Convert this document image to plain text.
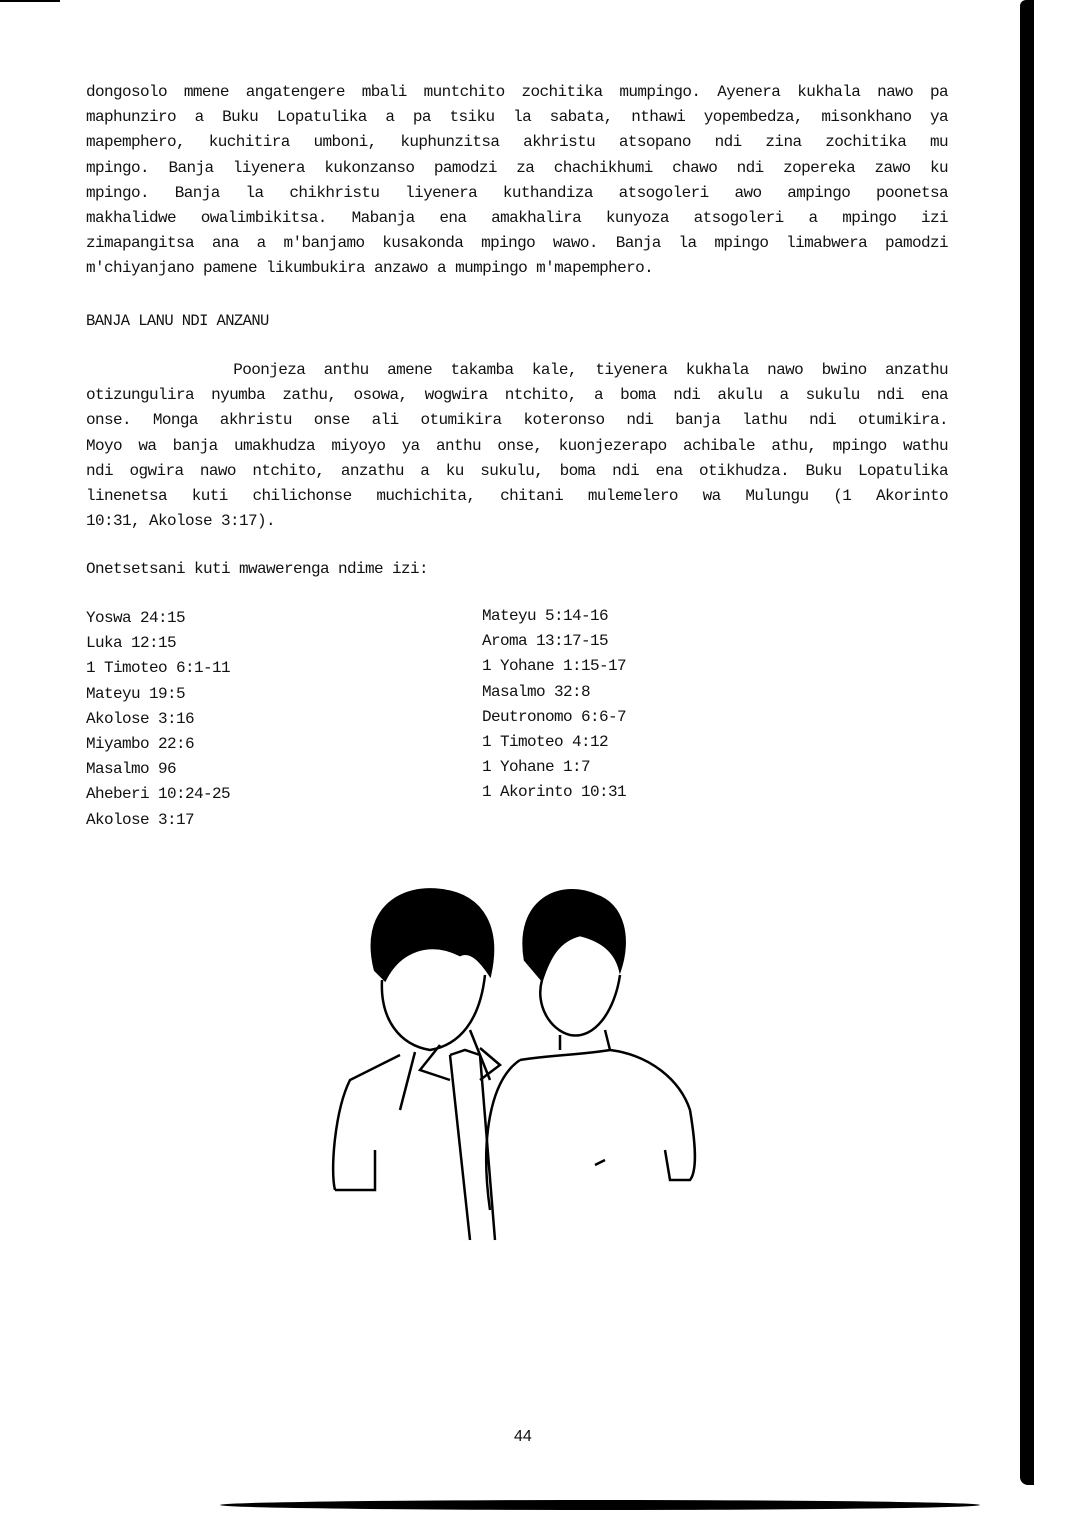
dongosolo mmene angatengere mbali muntchito zochitika mumpingo. Ayenera kukhala nawo pa
maphunziro a Buku Lopatulika a pa tsiku la sabata, nthawi yopembedza, misonkhano ya
mapemphero, kuchitira umboni, kuphunzitsa akhristu atsopano ndi zina zochitika mu
mpingo. Banja liyenera kukonzanso pamodzi za chachikhumi chawo ndi zopereka zawo ku
mpingo. Banja la chikhristu liyenera kuthandiza atsogoleri awo ampingo poonetsa
makhalidwe owalimbikitsa. Mabanja ena amakhalira kunyoza atsogoleri a mpingo izi
zimapangitsa ana a m'banjamo kusakonda mpingo wawo. Banja la mpingo limabwera pamodzi
m'chiyanjano pamene likumbukira anzawo a mumpingo m'mapemphero.
BANJA LANU NDI ANZANU
Poonjeza anthu amene takamba kale, tiyenera kukhala nawo bwino anzathu
otizungulira nyumba zathu, osowa, wogwira ntchito, a boma ndi akulu a sukulu ndi ena
onse. Monga akhristu onse ali otumikira koteronso ndi banja lathu ndi otumikira.
Moyo wa banja umakhudza miyoyo ya anthu onse, kuonjezerapo achibale athu, mpingo wathu
ndi ogwira nawo ntchito, anzathu a ku sukulu, boma ndi ena otikhudza. Buku Lopatulika
linenetsa kuti chilichonse muchichita, chitani mulemelero wa Mulungu (1 Akorinto
10:31, Akolose 3:17).
Onetsetsani kuti mwawerenga ndime izi:
Yoswa 24:15
Luka 12:15
1 Timoteo 6:1-11
Mateyu 19:5
Akolose 3:16
Miyambo 22:6
Masalmo 96
Aheberi 10:24-25
Akolose 3:17
Mateyu 5:14-16
Aroma 13:17-15
1 Yohane 1:15-17
Masalmo 32:8
Deutronomo 6:6-7
1 Timoteo 4:12
1 Yohane 1:7
1 Akorinto 10:31
44
